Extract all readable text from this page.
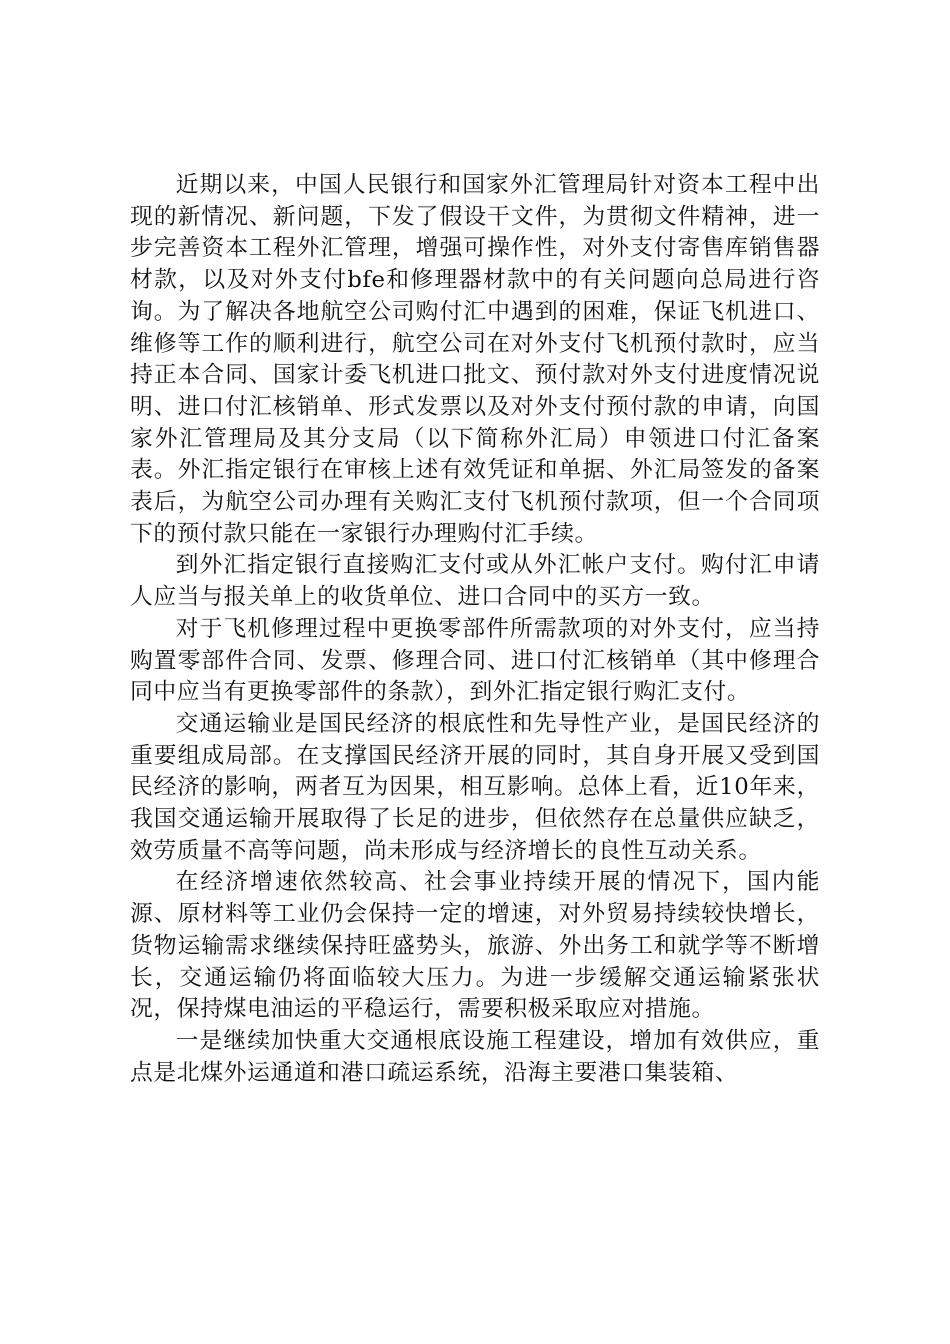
近期以来，中国人民银行和国家外汇管理局针对资本工程中出现的新情况、新问题，下发了假设干文件，为贯彻文件精神，进一步完善资本工程外汇管理，增强可操作性，对外支付寄售库销售器材款，以及对外支付bfe和修理器材款中的有关问题向总局进行咨询。为了解决各地航空公司购付汇中遇到的困难，保证飞机进口、维修等工作的顺利进行，航空公司在对外支付飞机预付款时，应当持正本合同、国家计委飞机进口批文、预付款对外支付进度情况说明、进口付汇核销单、形式发票以及对外支付预付款的申请，向国家外汇管理局及其分支局（以下简称外汇局）申领进口付汇备案表。外汇指定银行在审核上述有效凭证和单据、外汇局签发的备案表后，为航空公司办理有关购汇支付飞机预付款项，但一个合同项下的预付款只能在一家银行办理购付汇手续。

到外汇指定银行直接购汇支付或从外汇帐户支付。购付汇申请人应当与报关单上的收货单位、进口合同中的买方一致。

对于飞机修理过程中更换零部件所需款项的对外支付，应当持购置零部件合同、发票、修理合同、进口付汇核销单（其中修理合同中应当有更换零部件的条款），到外汇指定银行购汇支付。

交通运输业是国民经济的根底性和先导性产业，是国民经济的重要组成局部。在支撑国民经济开展的同时，其自身开展又受到国民经济的影响，两者互为因果，相互影响。总体上看，近10年来，我国交通运输开展取得了长足的进步，但依然存在总量供应缺乏，效劳质量不高等问题，尚未形成与经济增长的良性互动关系。

在经济增速依然较高、社会事业持续开展的情况下，国内能源、原材料等工业仍会保持一定的增速，对外贸易持续较快增长，货物运输需求继续保持旺盛势头，旅游、外出务工和就学等不断增长，交通运输仍将面临较大压力。为进一步缓解交通运输紧张状况，保持煤电油运的平稳运行，需要积极采取应对措施。

一是继续加快重大交通根底设施工程建设，增加有效供应，重点是北煤外运通道和港口疏运系统，沿海主要港口集装箱、
